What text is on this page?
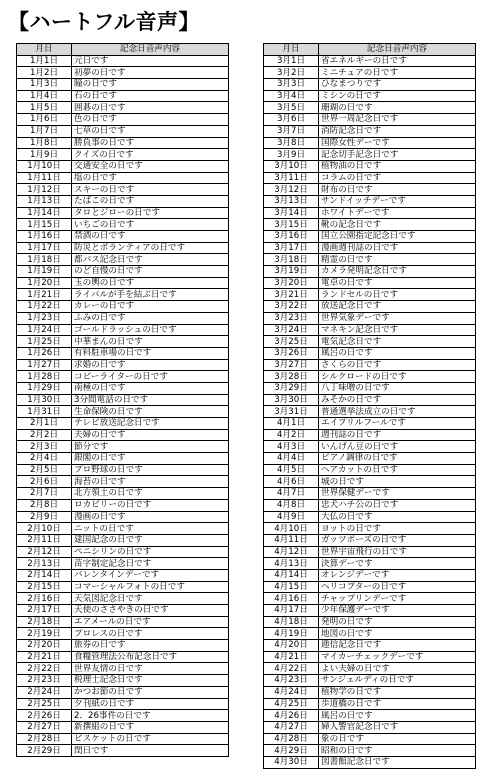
【ハートフル音声】
月日	記念日音声内容
1月1日	元日です
1月2日	初夢の日です
1月3日	瞳の日です
1月4日	石の日です
1月5日	囲碁の日です
1月6日	色の日です
1月7日	七草の日です
1月8日	勝負事の日です
1月9日	クイズの日です
1月10日	交通安全の日です
1月11日	塩の日です
1月12日	スキーの日です
1月13日	たばこの日です
1月14日	タロとジローの日です
1月15日	いちごの日です
1月16日	禁酒の日です
1月17日	防災とボランティアの日です
1月18日	都バス記念日です
1月19日	のど自慢の日です
1月20日	玉の輿の日です
1月21日	ライバルが手を結ぶ日です
1月22日	カレーの日です
1月23日	ふみの日です
1月24日	ゴールドラッシュの日です
1月25日	中華まんの日です
1月26日	有料駐車場の日です
1月27日	求婚の日です
1月28日	コピーライターの日です
1月29日	南極の日です
1月30日	3分間電話の日です
1月31日	生命保険の日です
2月1日	テレビ放送記念日です
2月2日	夫婦の日です
2月3日	節分です
2月4日	銀閣の日です
2月5日	プロ野球の日です
2月6日	海苔の日です
2月7日	北方領土の日です
2月8日	ロカビリーの日です
2月9日	漫画の日です
2月10日	ニットの日です
2月11日	建国記念の日です
2月12日	ペニシリンの日です
2月13日	苗字制定記念日です
2月14日	バレンタインデーです
2月15日	コマーシャルフォトの日です
2月16日	天気図記念日です
2月17日	天使のささやきの日です
2月18日	エアメールの日です
2月19日	プロレスの日です
2月20日	旅券の日です
2月21日	食糧管理法公布記念日です
2月22日	世界友情の日です
2月23日	税理士記念日です
2月24日	かつお節の日です
2月25日	夕刊紙の日です
2月26日	2．26事件の日です
2月27日	新撰組の日です
2月28日	ビスケットの日です
2月29日	閏日です

月日	記念日音声内容
3月1日	省エネルギーの日です
3月2日	ミニチュアの日です
3月3日	ひなまつりです
3月4日	ミシンの日です
3月5日	珊瑚の日です
3月6日	世界一周記念日です
3月7日	消防記念日です
3月8日	国際女性デーです
3月9日	記念切手記念日です
3月10日	植物油の日です
3月11日	コラムの日です
3月12日	財布の日です
3月13日	サンドイッチデーです
3月14日	ホワイトデーです
3月15日	靴の記念日です
3月16日	国立公園指定記念日です
3月17日	漫画週刊誌の日です
3月18日	精霊の日です
3月19日	カメラ発明記念日です
3月20日	電卓の日です
3月21日	ランドセルの日です
3月22日	放送記念日です
3月23日	世界気象デーです
3月24日	マネキン記念日です
3月25日	電気記念日です
3月26日	風呂の日です
3月27日	さくらの日です
3月28日	シルクロードの日です
3月29日	八丁味噌の日です
3月30日	みそかの日です
3月31日	普通選挙法成立の日です
4月1日	エイプリルフールです
4月2日	週刊誌の日です
4月3日	いんげん豆の日です
4月4日	ピアノ調律の日です
4月5日	ヘアカットの日です
4月6日	城の日です
4月7日	世界保健デーです
4月8日	忠犬ハチ公の日です
4月9日	大仏の日です
4月10日	ヨットの日です
4月11日	ガッツポーズの日です
4月12日	世界宇宙飛行の日です
4月13日	決算デーです
4月14日	オレンジデーです
4月15日	ヘリコプターの日です
4月16日	チャップリンデーです
4月17日	少年保護デーです
4月18日	発明の日です
4月19日	地図の日です
4月20日	逓信記念日です
4月21日	マイカーチェックデーです
4月22日	よい夫婦の日です
4月23日	サンジェルディの日です
4月24日	植物学の日です
4月25日	歩道橋の日です
4月26日	風呂の日です
4月27日	婦人警官記念日です
4月28日	象の日です
4月29日	昭和の日です
4月30日	図書館記念日です
